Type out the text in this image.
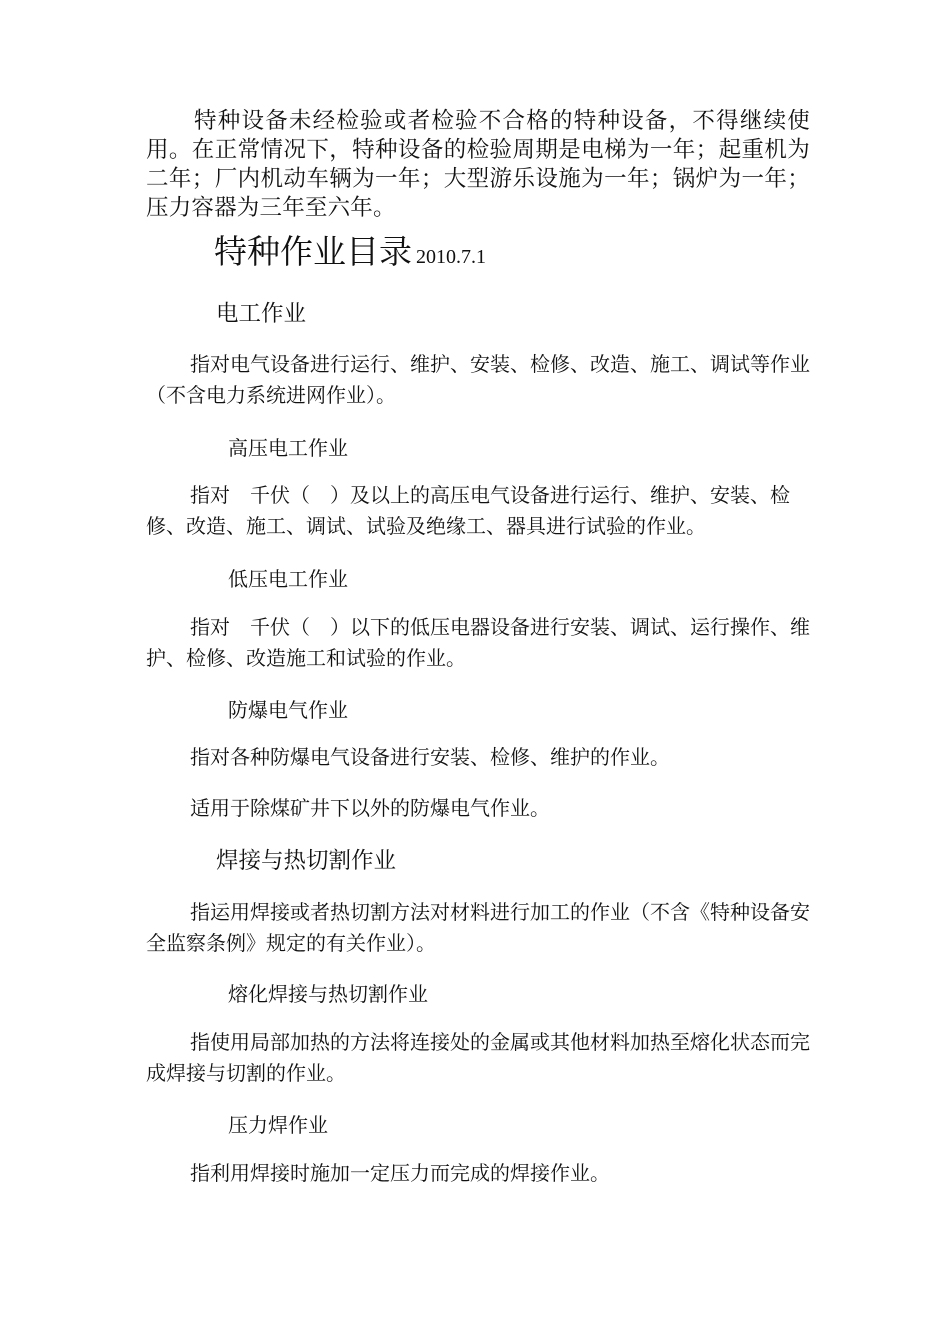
特种设备未经检验或者检验不合格的特种设备，不得继续使用。在正常情况下，特种设备的检验周期是电梯为一年；起重机为二年；厂内机动车辆为一年；大型游乐设施为一年；锅炉为一年；压力容器为三年至六年。

特种作业目录 2010.7.1
电工作业

指对电气设备进行运行、维护、安装、检修、改造、施工、调试等作业（不含电力系统进网作业）。

高压电工作业

指对　千伏（　）及以上的高压电气设备进行运行、维护、安装、检修、改造、施工、调试、试验及绝缘工、器具进行试验的作业。

低压电工作业

指对　千伏（　）以下的低压电器设备进行安装、调试、运行操作、维护、检修、改造施工和试验的作业。

防爆电气作业

指对各种防爆电气设备进行安装、检修、维护的作业。

适用于除煤矿井下以外的防爆电气作业。

焊接与热切割作业

指运用焊接或者热切割方法对材料进行加工的作业（不含《特种设备安全监察条例》规定的有关作业）。

熔化焊接与热切割作业

指使用局部加热的方法将连接处的金属或其他材料加热至熔化状态而完成焊接与切割的作业。

压力焊作业

指利用焊接时施加一定压力而完成的焊接作业。
